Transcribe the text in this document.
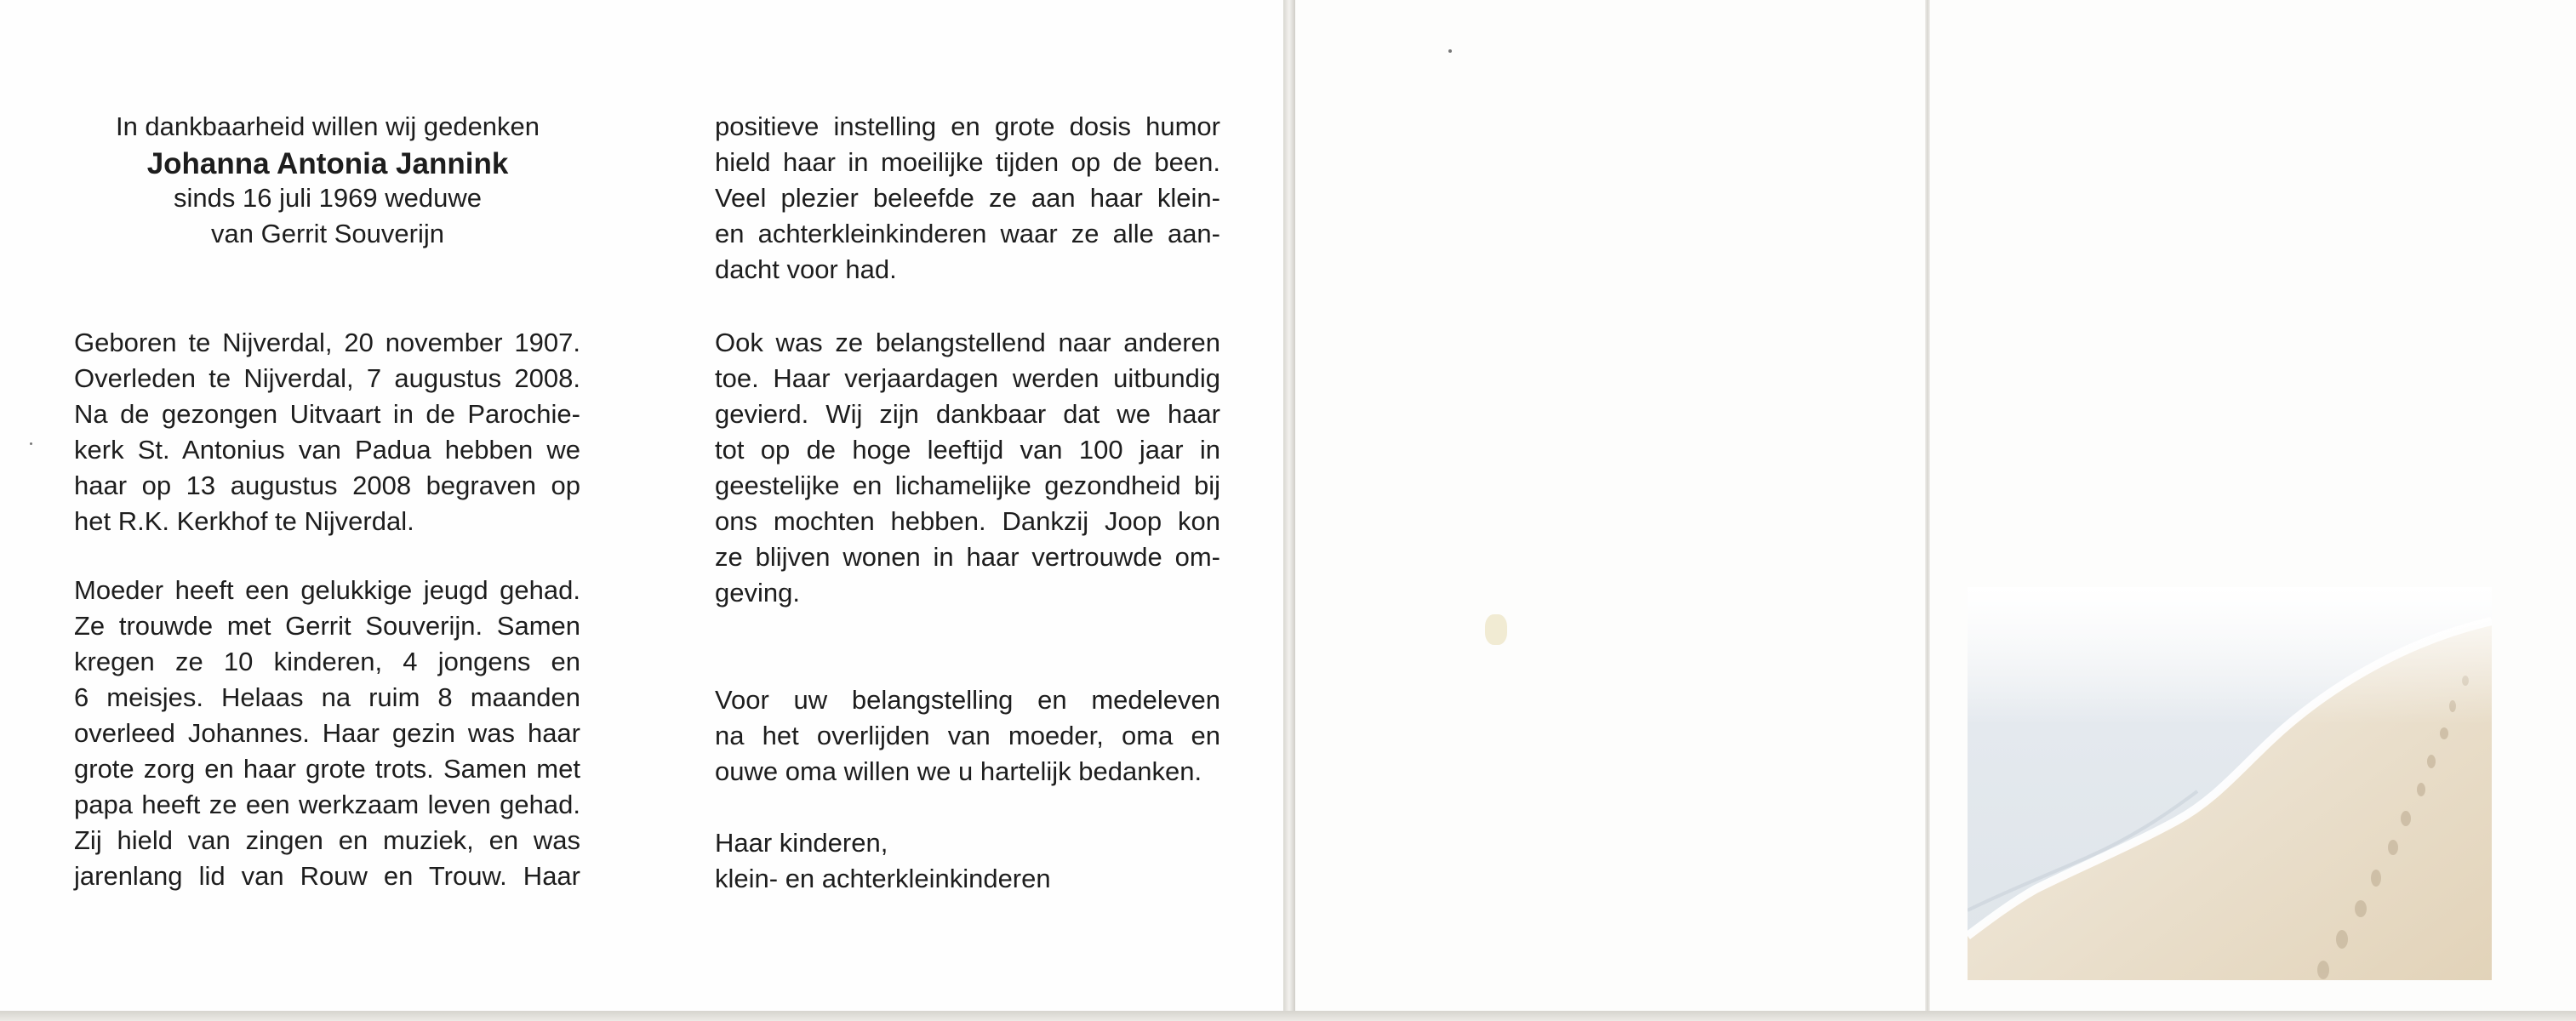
In dankbaarheid willen wij gedenken
Johanna Antonia Jannink
sinds 16 juli 1969 weduwe
van Gerrit Souverijn
Geboren te Nijverdal, 20 november 1907.
Overleden te Nijverdal, 7 augustus 2008.
Na de gezongen Uitvaart in de Parochie-
kerk St. Antonius van Padua hebben we
haar op 13 augustus 2008 begraven op
het R.K. Kerkhof te Nijverdal.
Moeder heeft een gelukkige jeugd gehad.
Ze trouwde met Gerrit Souverijn. Samen
kregen ze 10 kinderen, 4 jongens en
6 meisjes. Helaas na ruim 8 maanden
overleed Johannes. Haar gezin was haar
grote zorg en haar grote trots. Samen met
papa heeft ze een werkzaam leven gehad.
Zij hield van zingen en muziek, en was
jarenlang lid van Rouw en Trouw. Haar
positieve instelling en grote dosis humor
hield haar in moeilijke tijden op de been.
Veel plezier beleefde ze aan haar klein-
en achterkleinkinderen waar ze alle aan-
dacht voor had.
Ook was ze belangstellend naar anderen
toe. Haar verjaardagen werden uitbundig
gevierd. Wij zijn dankbaar dat we haar
tot op de hoge leeftijd van 100 jaar in
geestelijke en lichamelijke gezondheid bij
ons mochten hebben. Dankzij Joop kon
ze blijven wonen in haar vertrouwde om-
geving.
Voor uw belangstelling en medeleven
na het overlijden van moeder, oma en
ouwe oma willen we u hartelijk bedanken.
Haar kinderen,
klein- en achterkleinkinderen
